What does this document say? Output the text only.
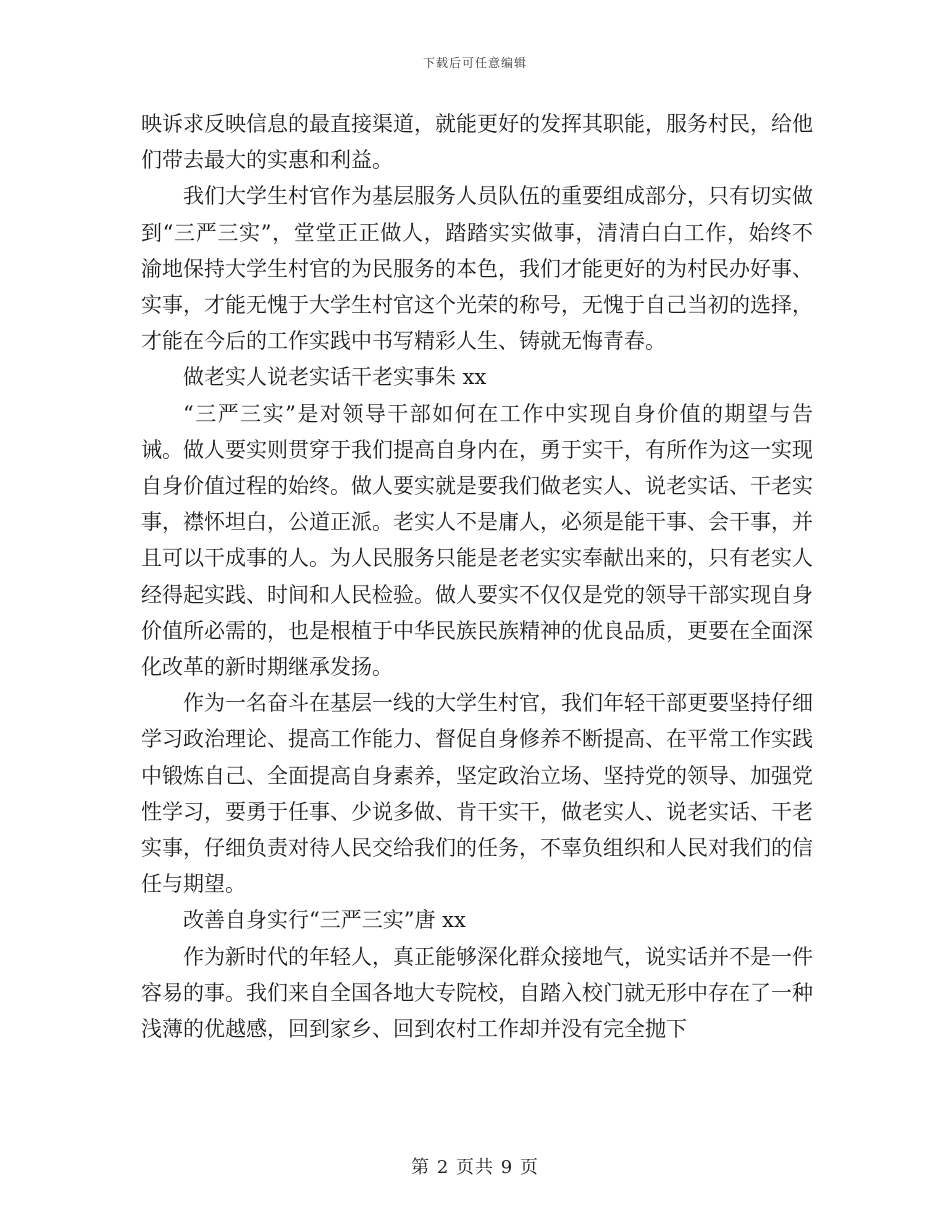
下载后可任意编辑

映诉求反映信息的最直接渠道，就能更好的发挥其职能，服务村民，给他们带去最大的实惠和利益。

我们大学生村官作为基层服务人员队伍的重要组成部分，只有切实做到“三严三实”，堂堂正正做人，踏踏实实做事，清清白白工作，始终不渝地保持大学生村官的为民服务的本色，我们才能更好的为村民办好事、实事，才能无愧于大学生村官这个光荣的称号，无愧于自己当初的选择，才能在今后的工作实践中书写精彩人生、铸就无悔青春。

做老实人说老实话干老实事朱 xx

“三严三实”是对领导干部如何在工作中实现自身价值的期望与告诫。做人要实则贯穿于我们提高自身内在，勇于实干，有所作为这一实现自身价值过程的始终。做人要实就是要我们做老实人、说老实话、干老实事，襟怀坦白，公道正派。老实人不是庸人，必须是能干事、会干事，并且可以干成事的人。为人民服务只能是老老实实奉献出来的，只有老实人经得起实践、时间和人民检验。做人要实不仅仅是党的领导干部实现自身价值所必需的，也是根植于中华民族民族精神的优良品质，更要在全面深化改革的新时期继承发扬。

作为一名奋斗在基层一线的大学生村官，我们年轻干部更要坚持仔细学习政治理论、提高工作能力、督促自身修养不断提高、在平常工作实践中锻炼自己、全面提高自身素养，坚定政治立场、坚持党的领导、加强党性学习，要勇于任事、少说多做、肯干实干，做老实人、说老实话、干老实事，仔细负责对待人民交给我们的任务，不辜负组织和人民对我们的信任与期望。

改善自身实行“三严三实”唐 xx

作为新时代的年轻人，真正能够深化群众接地气，说实话并不是一件容易的事。我们来自全国各地大专院校，自踏入校门就无形中存在了一种浅薄的优越感，回到家乡、回到农村工作却并没有完全抛下

第 2 页共 9 页
